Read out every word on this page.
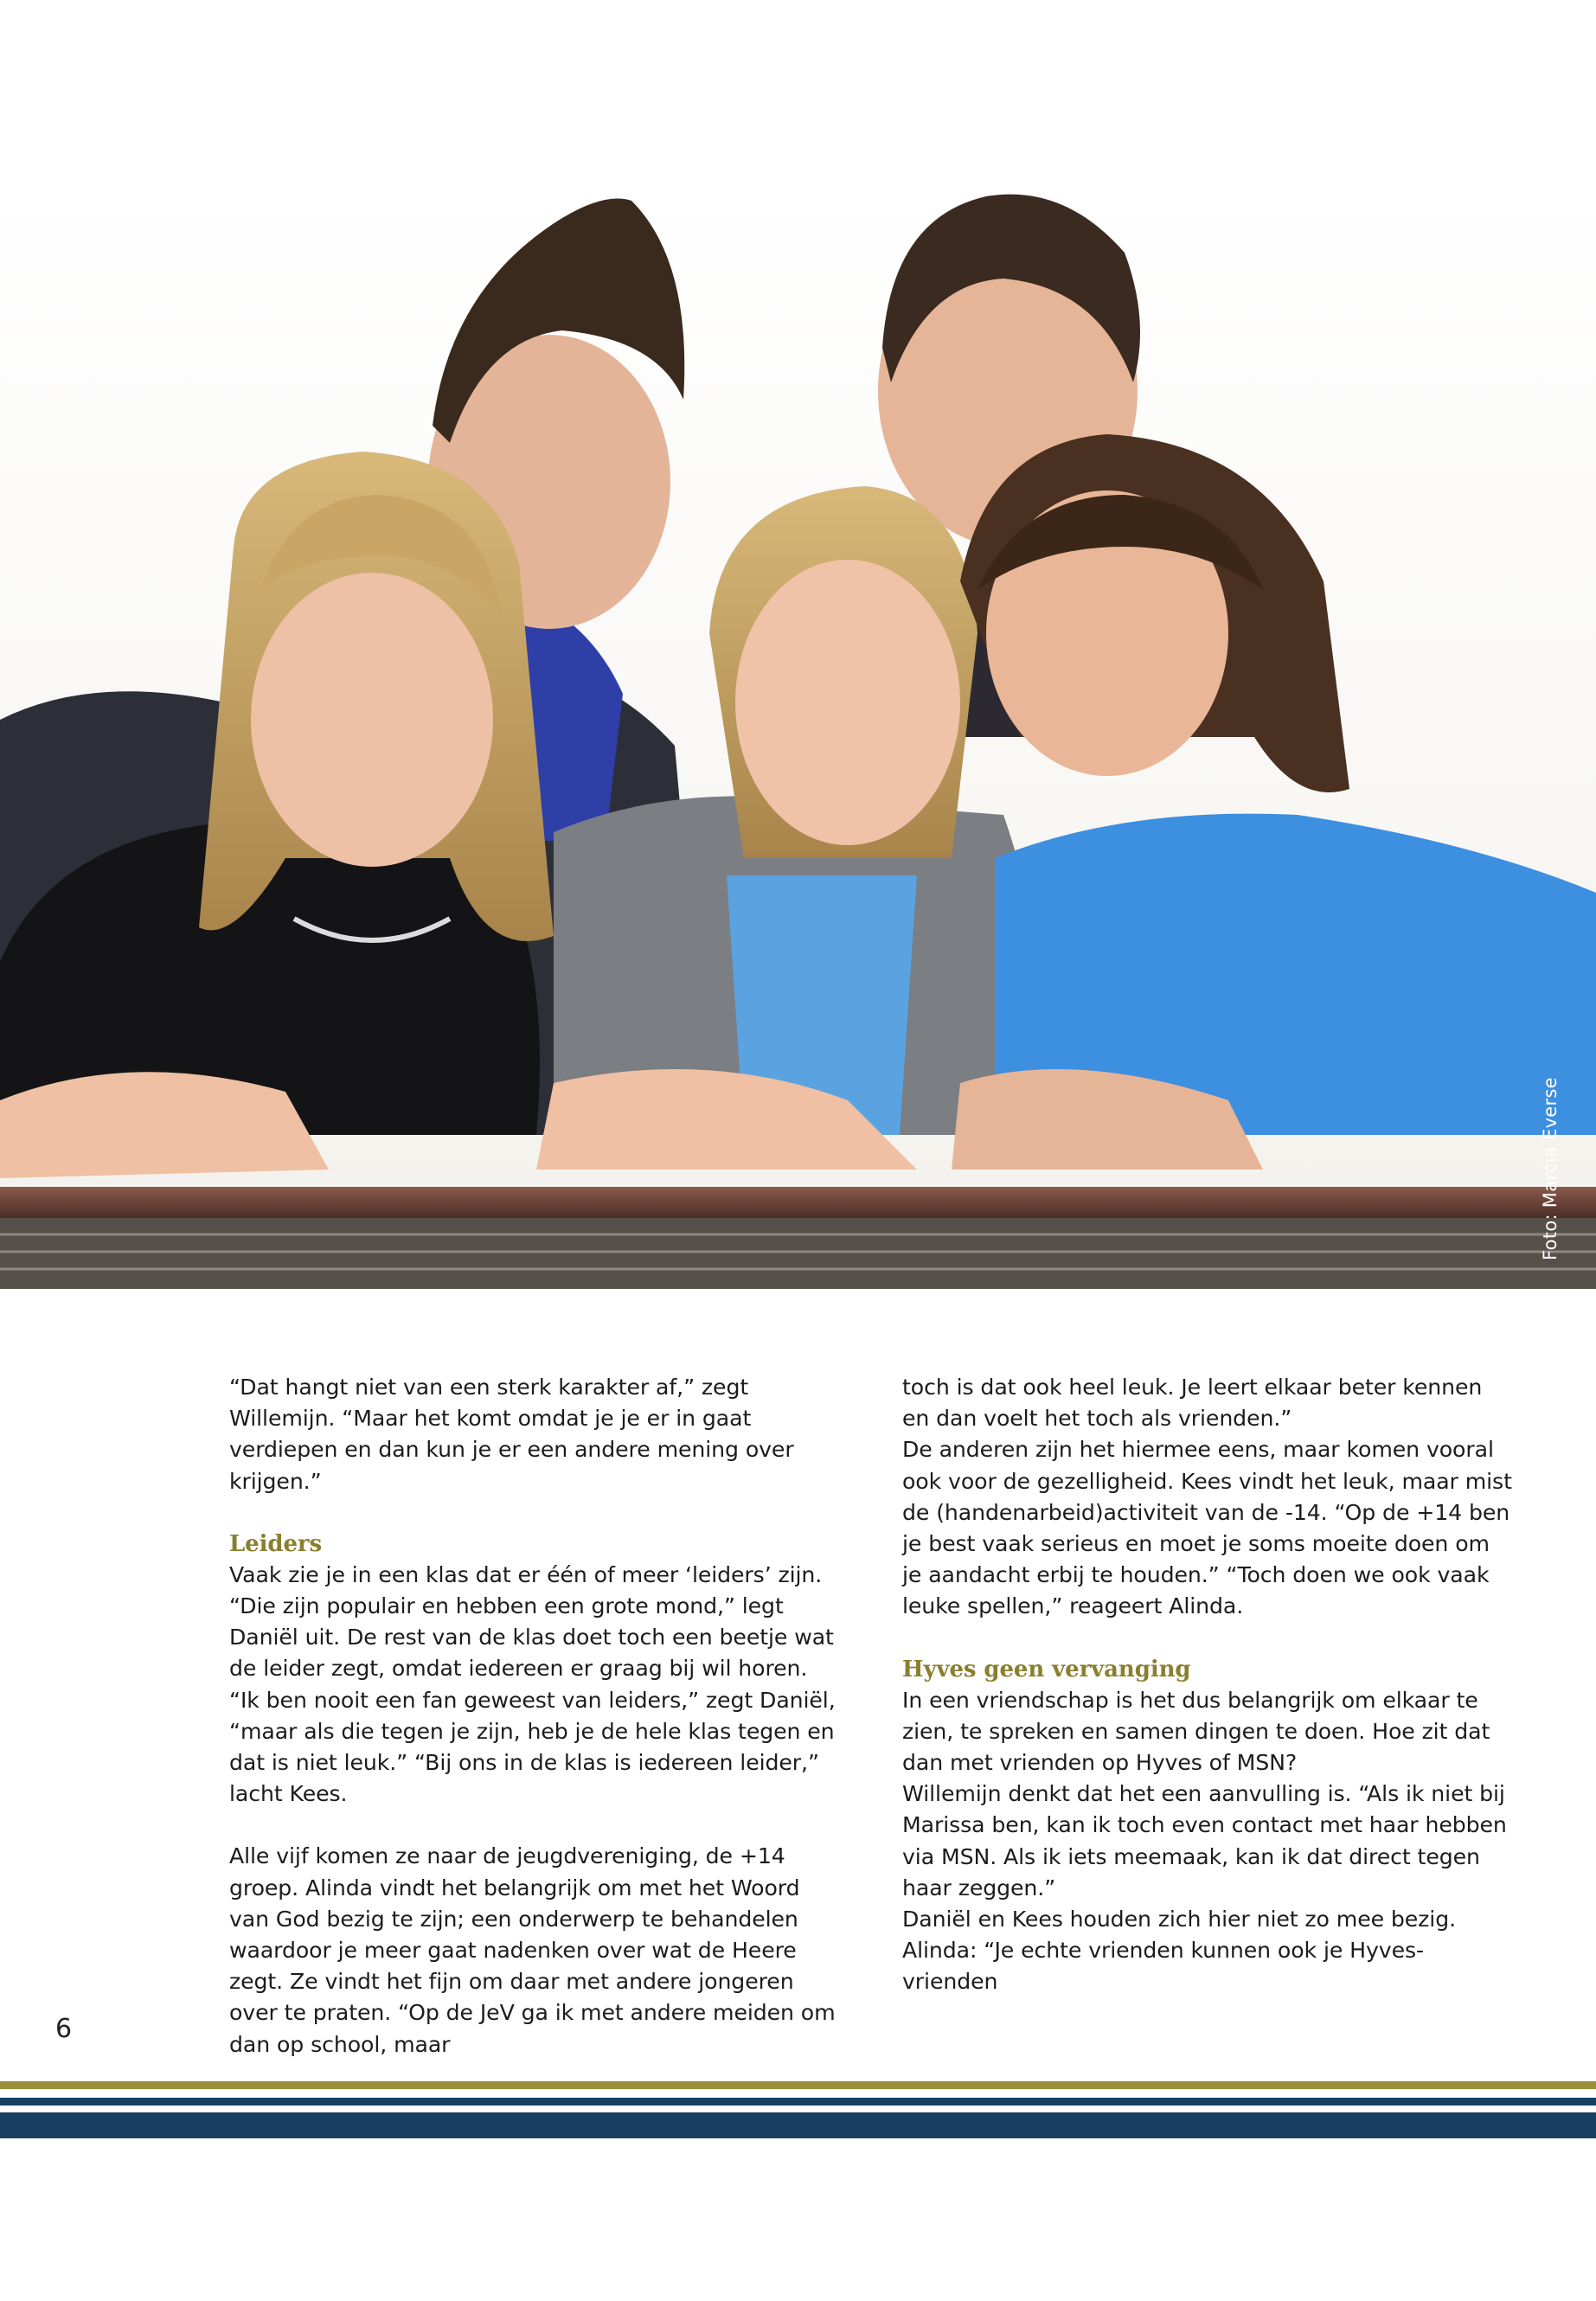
Foto: Marcia Everse

“Dat hangt niet van een sterk karakter af,” zegt Willemijn. “Maar het komt omdat je je er in gaat verdiepen en dan kun je er een andere mening over krijgen.”

Leiders

Vaak zie je in een klas dat er één of meer ‘leiders’ zijn. “Die zijn populair en hebben een grote mond,” legt Daniël uit. De rest van de klas doet toch een beetje wat de leider zegt, omdat iedereen er graag bij wil horen. “Ik ben nooit een fan geweest van leiders,” zegt Daniël, “maar als die tegen je zijn, heb je de hele klas tegen en dat is niet leuk.” “Bij ons in de klas is iedereen leider,” lacht Kees.

Alle vijf komen ze naar de jeugdvereniging, de +14 groep. Alinda vindt het belangrijk om met het Woord van God bezig te zijn; een onderwerp te behandelen waardoor je meer gaat nadenken over wat de Heere zegt. Ze vindt het fijn om daar met andere jongeren over te praten. “Op de JeV ga ik met andere meiden om dan op school, maar

toch is dat ook heel leuk. Je leert elkaar beter kennen en dan voelt het toch als vrienden.”

De anderen zijn het hiermee eens, maar komen vooral ook voor de gezelligheid. Kees vindt het leuk, maar mist de (handenarbeid)activiteit van de -14. “Op de +14 ben je best vaak serieus en moet je soms moeite doen om je aandacht erbij te houden.” “Toch doen we ook vaak leuke spellen,” reageert Alinda.

Hyves geen vervanging

In een vriendschap is het dus belangrijk om elkaar te zien, te spreken en samen dingen te doen. Hoe zit dat dan met vrienden op Hyves of MSN?

Willemijn denkt dat het een aanvulling is. “Als ik niet bij Marissa ben, kan ik toch even contact met haar hebben via MSN. Als ik iets meemaak, kan ik dat direct tegen haar zeggen.”

Daniël en Kees houden zich hier niet zo mee bezig.

Alinda: “Je echte vrienden kunnen ook je Hyves-vrienden

6
